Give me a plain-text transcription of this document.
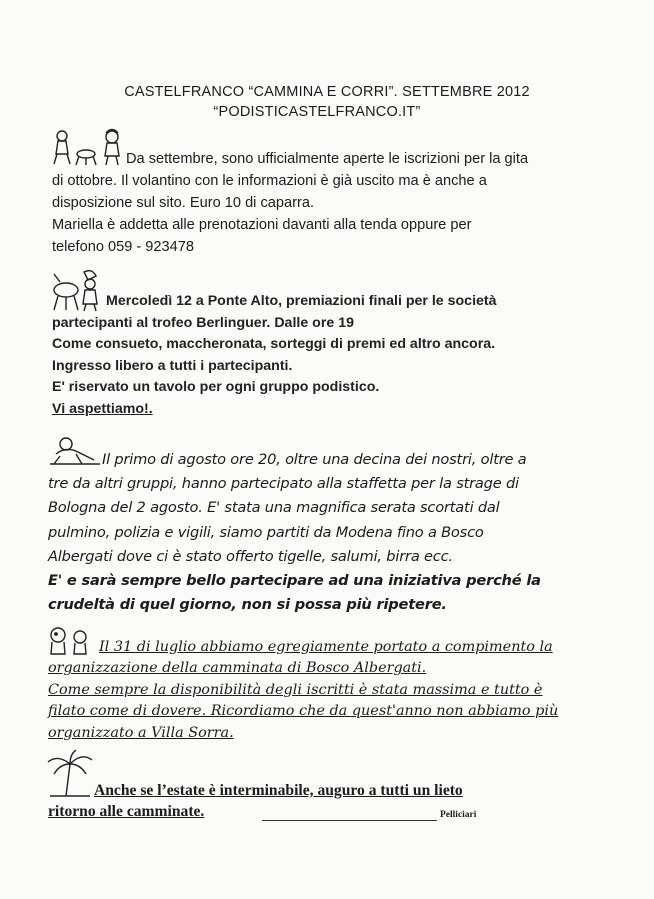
CASTELFRANCO “CAMMINA E CORRI”. SETTEMBRE 2012
“PODISTICASTELFRANCO.IT”
Da settembre, sono ufficialmente aperte le iscrizioni per la gita
di ottobre. Il volantino con le informazioni è già uscito ma è anche a
disposizione sul sito. Euro 10 di caparra.
Mariella è addetta alle prenotazioni davanti alla tenda oppure per
telefono 059 - 923478
Mercoledì 12 a Ponte Alto, premiazioni finali per le società
partecipanti al trofeo Berlinguer. Dalle ore 19
Come consueto, maccheronata, sorteggi di premi ed altro ancora.
Ingresso libero a tutti i partecipanti.
E' riservato un tavolo per ogni gruppo podistico.
Vi aspettiamo!.
Il primo di agosto ore 20, oltre una decina dei nostri, oltre a
tre da altri gruppi, hanno partecipato alla staffetta per la strage di
Bologna del 2 agosto. E' stata una magnifica serata scortati dal
pulmino, polizia e vigili, siamo partiti da Modena fino a Bosco
Albergati dove ci è stato offerto tigelle, salumi, birra ecc.
E' e sarà sempre bello partecipare ad una iniziativa perché la
crudeltà di quel giorno, non si possa più ripetere.
Il 31 di luglio abbiamo egregiamente portato a compimento la
organizzazione della camminata di Bosco Albergati.
Come sempre la disponibilità degli iscritti è stata massima e tutto è
filato come di dovere. Ricordiamo che da quest'anno non abbiamo più
organizzato a Villa Sorra.
Anche se l’estate è interminabile, auguro a tutti un lieto
ritorno alle camminate.	Pelliciari
